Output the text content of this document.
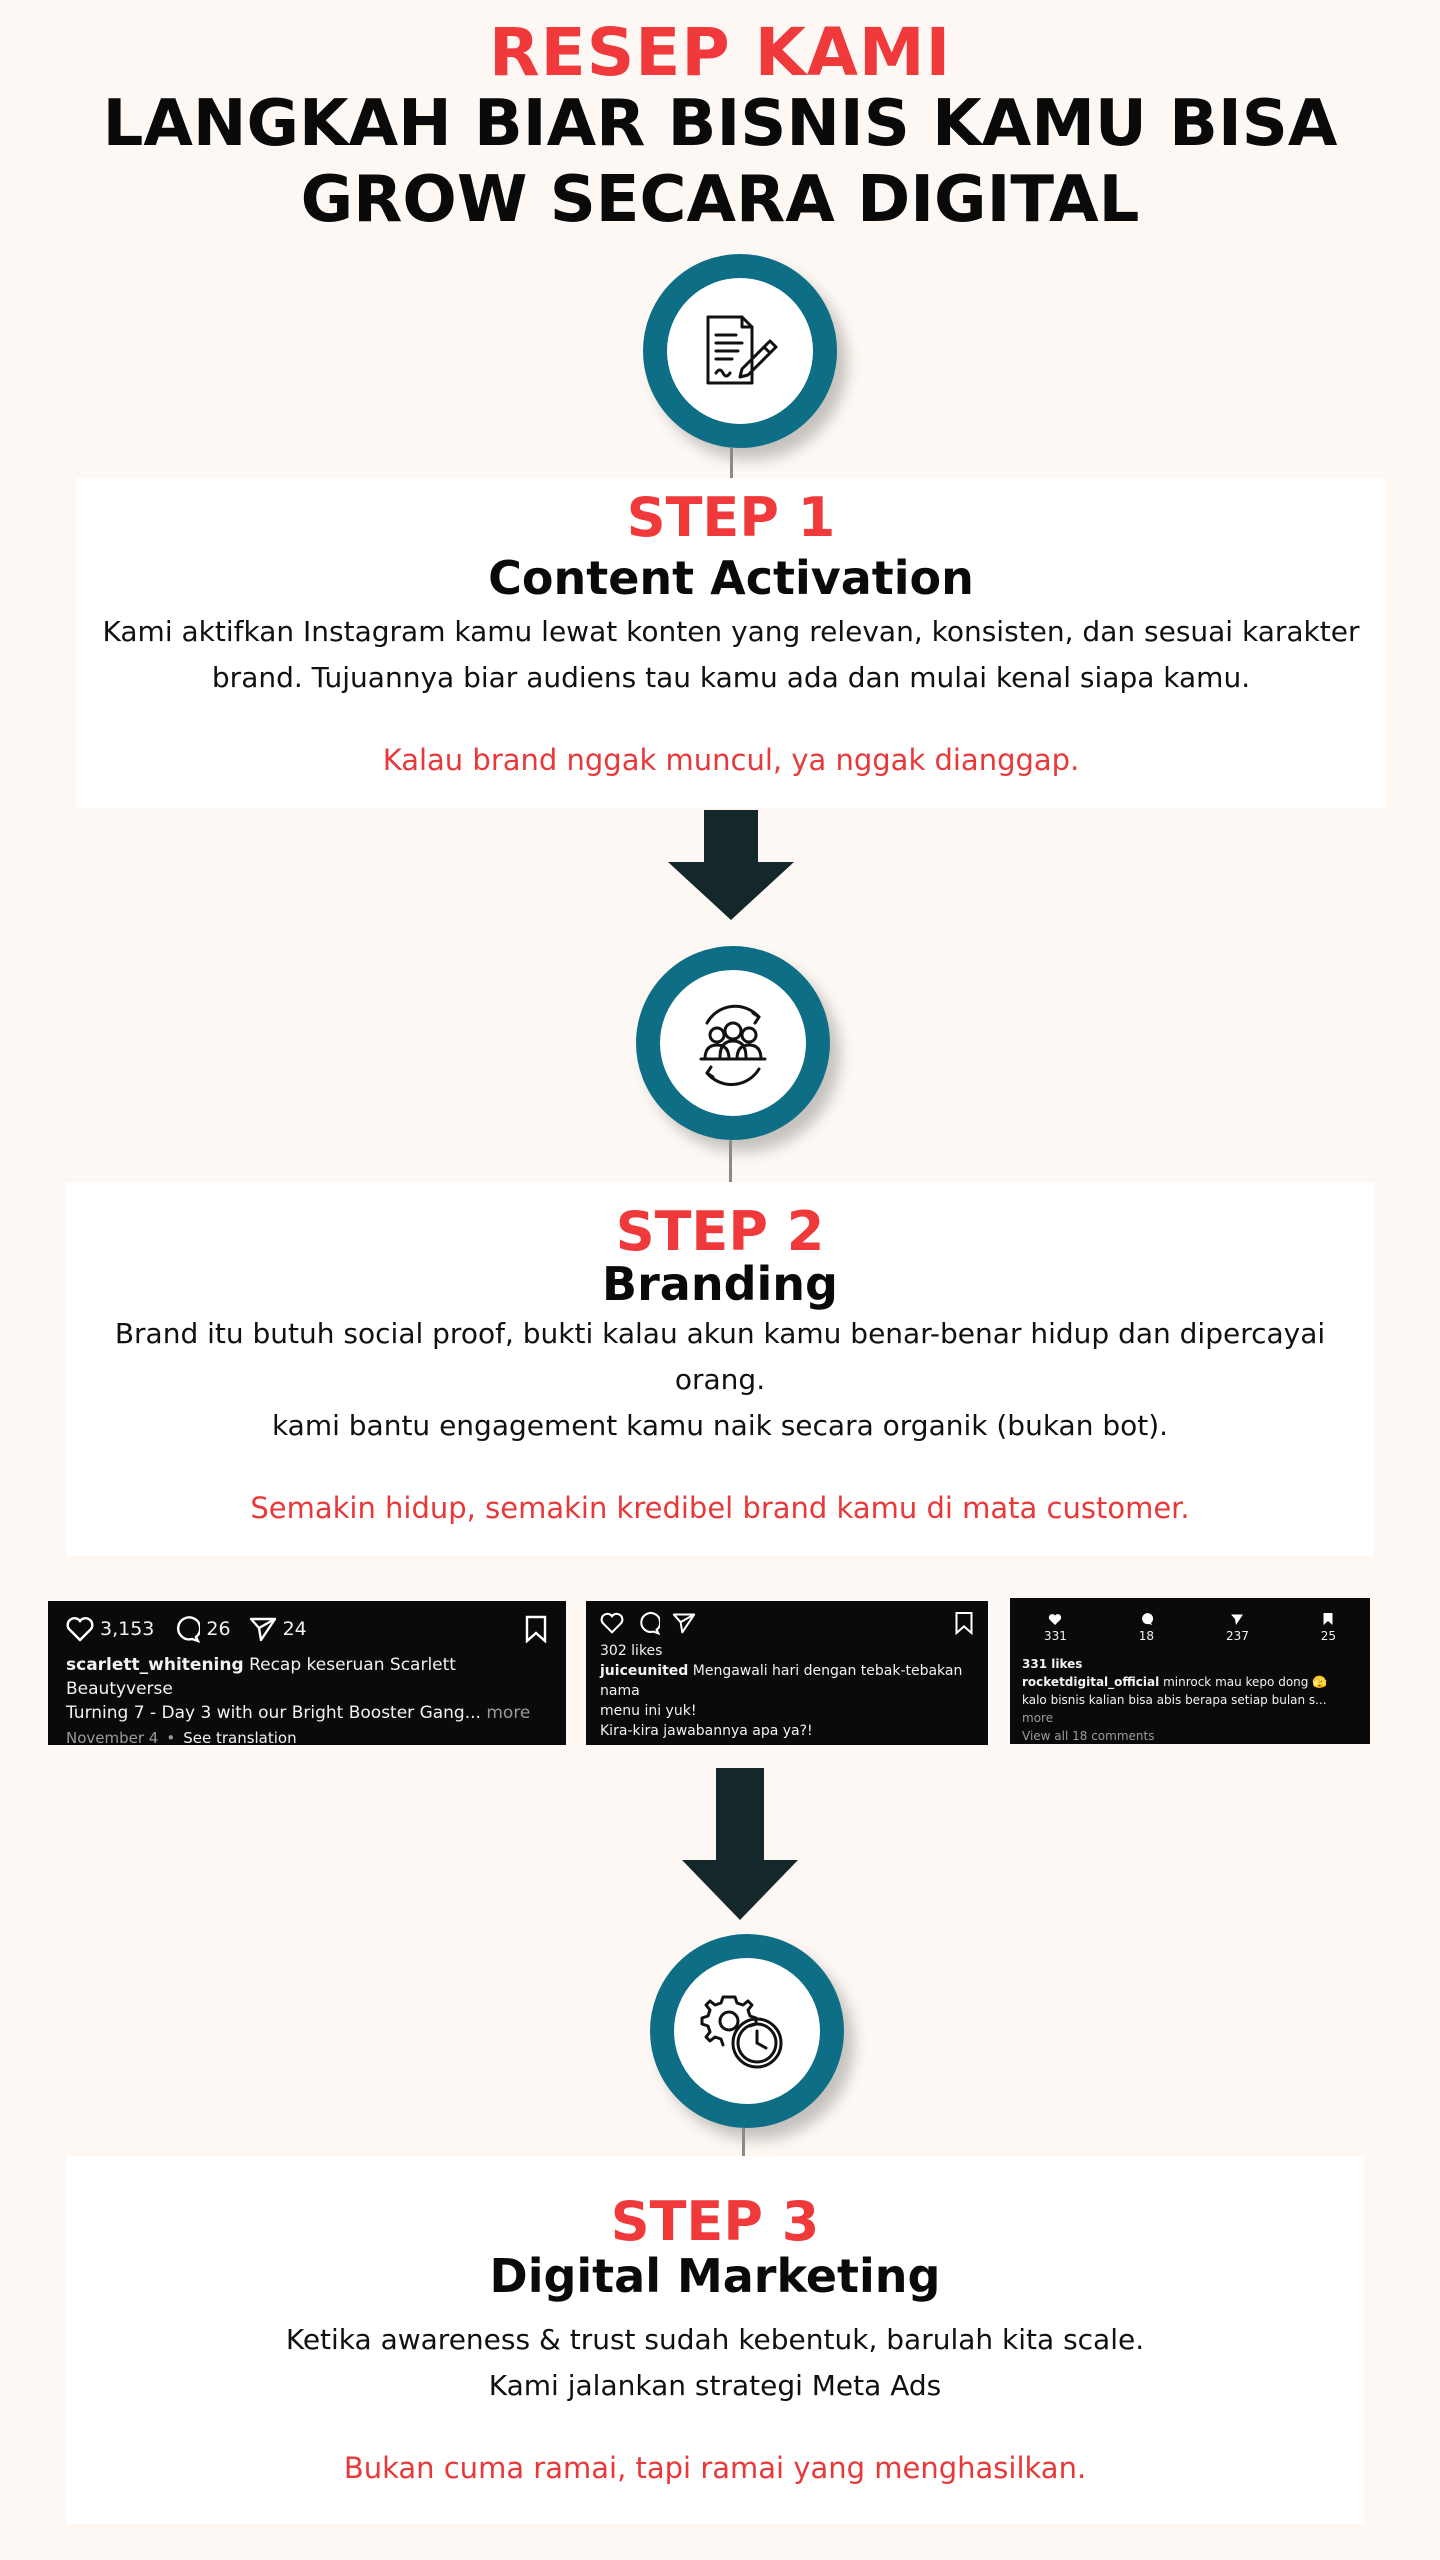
RESEP KAMI
LANGKAH BIAR BISNIS KAMU BISA
GROW SECARA DIGITAL
STEP 1
Content Activation
Kami aktifkan Instagram kamu lewat konten yang relevan, konsisten, dan sesuai karakter
brand. Tujuannya biar audiens tau kamu ada dan mulai kenal siapa kamu.
Kalau brand nggak muncul, ya nggak dianggap.
STEP 2
Branding
Brand itu butuh social proof, bukti kalau akun kamu benar-benar hidup dan dipercayai
orang.
kami bantu engagement kamu naik secara organik (bukan bot).
Semakin hidup, semakin kredibel brand kamu di mata customer.
3,153	26	24
scarlett_whitening Recap keseruan Scarlett Beautyverse
Turning 7 - Day 3 with our Bright Booster Gang... more
November 4 • See translation
302 likes
juiceunited Mengawali hari dengan tebak-tebakan nama
menu ini yuk!
Kira-kira jawabannya apa ya?!
331	18	237	25
331 likes
rocketdigital_official minrock mau kepo dong 🫣
kalo bisnis kalian bisa abis berapa setiap bulan s... more
View all 18 comments
STEP 3
Digital Marketing
Ketika awareness & trust sudah kebentuk, barulah kita scale.
Kami jalankan strategi Meta Ads
Bukan cuma ramai, tapi ramai yang menghasilkan.
